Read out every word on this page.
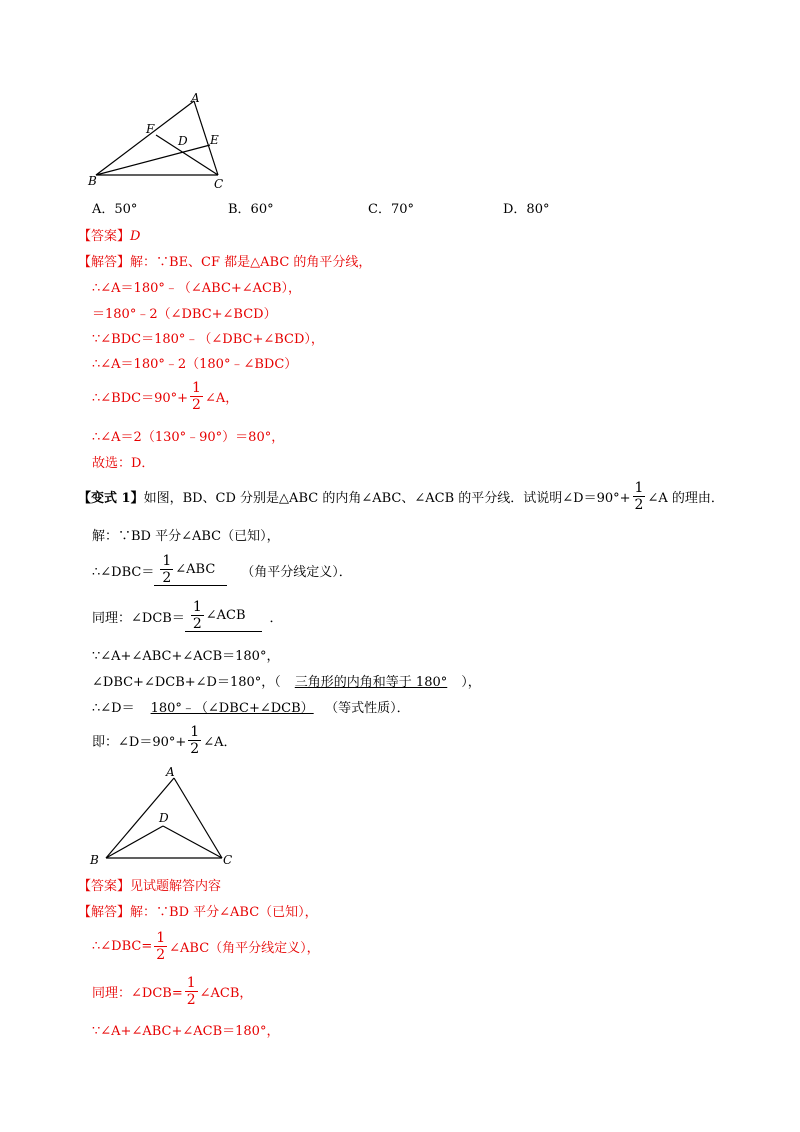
A
B	C
D E
F
A．50°	B．60°	C．70°	D．80°
【答案】D
【解答】解：∵BE、CF 都是△ABC 的角平分线，
∴∠A＝180°﹣（∠ABC+∠ACB），
＝180°﹣2（∠DBC+∠BCD）
∵∠BDC＝180°﹣（∠DBC+∠BCD），
∴∠A＝180°﹣2（180°﹣∠BDC）
∴∠BDC＝90°+ $\frac{1}{2}$ ∠A，
∴∠A＝2（130°﹣90°）＝80°，
故选：D．
【变式 1】 如图，BD、CD 分别是△ABC 的内角∠ABC、∠ACB 的平分线．试说明∠D＝90°+ $\frac{1}{2}$ ∠A 的理由．
解：∵BD 平分∠ABC（已知），
∴∠DBC＝ $\frac{1}{2}$ ∠ABC （角平分线定义）．
同理：∠DCB＝ $\frac{1}{2}$ ∠ACB ．
∵∠A+∠ABC+∠ACB＝180°，
∠DBC+∠DCB+∠D＝180°，（ 三角形的内角和等于 180° ），
∴∠D＝ 180°﹣（∠DBC+∠DCB） （等式性质）．
即：∠D＝90°+ $\frac{1}{2}$ ∠A．
A
B	C
D
【答案】见试题解答内容
【解答】解：∵BD 平分∠ABC（已知），
∴∠DBC= $\frac{1}{2}$ ∠ABC（角平分线定义），
同理：∠DCB= $\frac{1}{2}$ ∠ACB，
∵∠A+∠ABC+∠ACB＝180°，
